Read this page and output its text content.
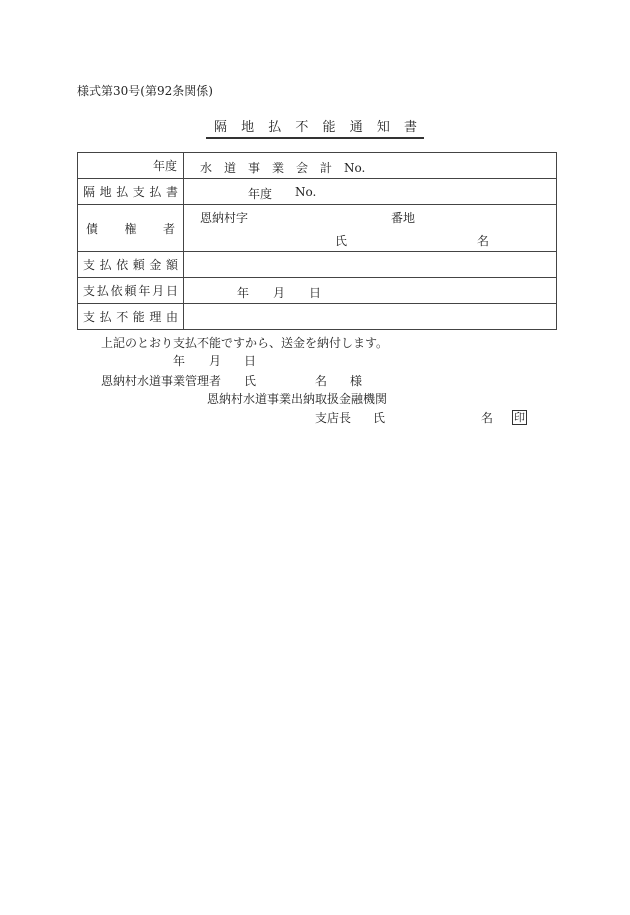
様式第30号(第92条関係)
隔 地 払 不 能 通 知 書
年度	水　道　事　業　会　計　No.

隔地払支払書	年度 No.

債 権 者	恩納村字 番地
氏 名

支払依頼金額	
支払依頼年月日	年 月 日

支払不能理由	
上記のとおり支払不能ですから、送金を納付します。
年 月 日
恩納村水道事業管理者 氏	名 様
恩納村水道事業出納取扱金融機関
支店長 氏	名 印
